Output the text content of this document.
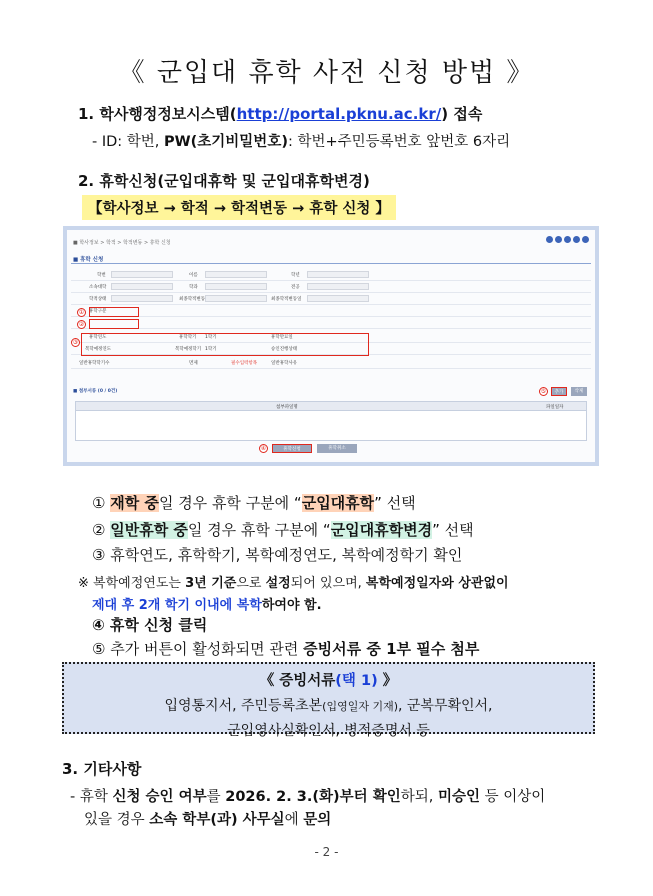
《 군입대 휴학 사전 신청 방법 》
1. 학사행정정보시스템(http://portal.pknu.ac.kr/) 접속
- ID: 학번, PW(초기비밀번호): 학번+주민등록번호 앞번호 6자리
2. 휴학신청(군입대휴학 및 군입대휴학변경)
【학사정보 → 학적 → 학적변동 → 휴학 신청 】
■ 학사정보 > 학적 > 학적변동 > 휴학 신청
■ 휴학 신청
학번	이름	학년
소속대학	학과	전공
학적상태	최종학적변동	최종학적변동일
휴학구분
휴학연도	휴학학기 1학기	휴학만료일
복학예정연도	복학예정학기 1학기	승인진행상태
일반휴학학기수	면제	필수입력항목	일반휴학사유
①
②
③
■ 첨부서류 (0 / 0건)	⑤	추가	삭제
첨부파일명	파일일자
④	휴학신청	휴학취소
① 재학 중일 경우 휴학 구분에 “군입대휴학” 선택
② 일반휴학 중일 경우 휴학 구분에 “군입대휴학변경” 선택
③ 휴학연도, 휴학학기, 복학예정연도, 복학예정학기 확인
※ 복학예정연도는 3년 기준으로 설정되어 있으며, 복학예정일자와 상관없이
제대 후 2개 학기 이내에 복학하여야 함.
④ 휴학 신청 클릭
⑤ 추가 버튼이 활성화되면 관련 증빙서류 중 1부 필수 첨부
《 증빙서류(택 1) 》
입영통지서, 주민등록초본(입영일자 기재), 군복무확인서,
군입영사실확인서, 병적증명서 등
3. 기타사항
- 휴학 신청 승인 여부를 2026. 2. 3.(화)부터 확인하되, 미승인 등 이상이
있을 경우 소속 학부(과) 사무실에 문의
- 2 -
